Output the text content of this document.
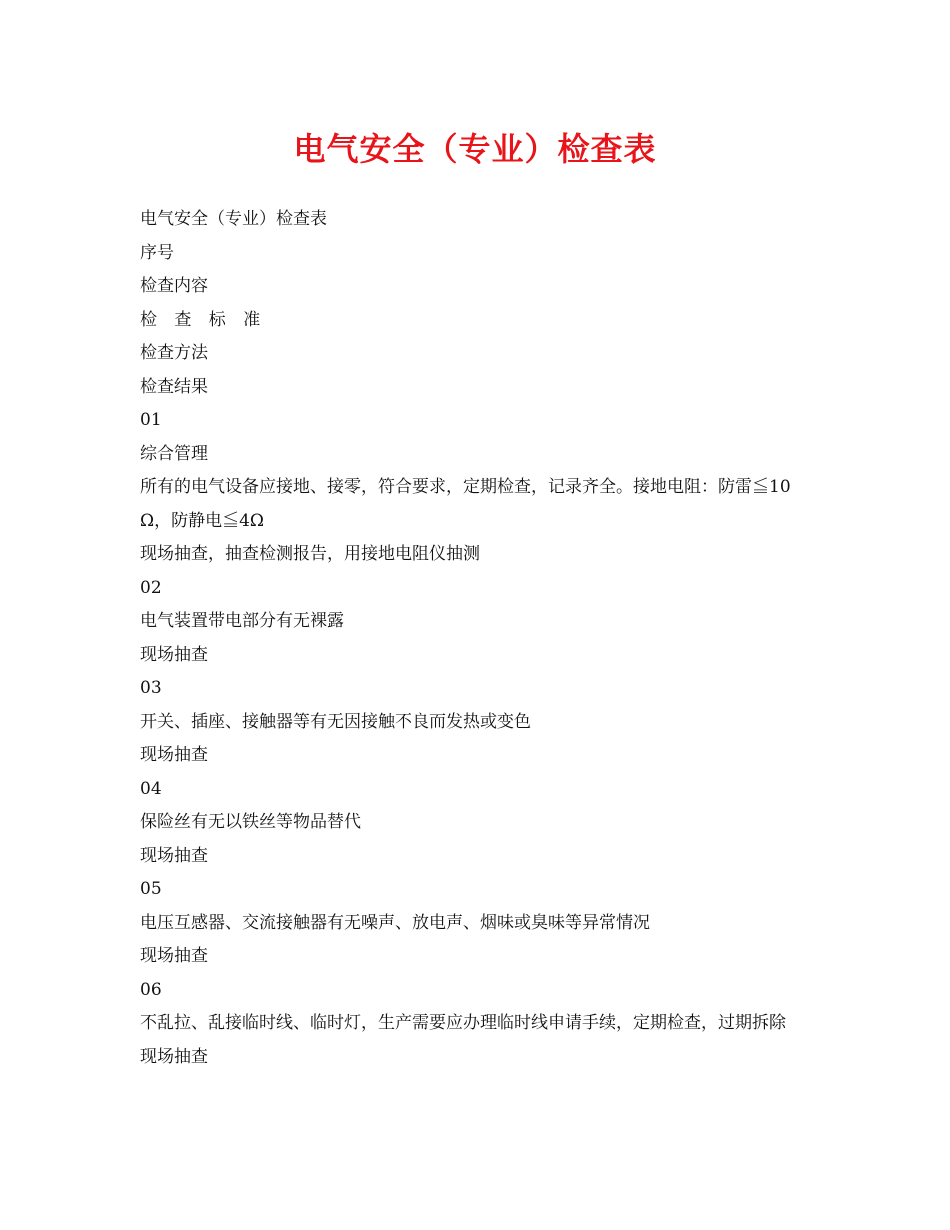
电气安全（专业）检查表

电气安全（专业）检查表

序号

检查内容

检 查 标 准

检查方法

检查结果

01

综合管理

所有的电气设备应接地、接零，符合要求，定期检查，记录齐全。接地电阻：防雷≦10Ω，防静电≦4Ω

现场抽查，抽查检测报告，用接地电阻仪抽测

02

电气装置带电部分有无裸露

现场抽查

03

开关、插座、接触器等有无因接触不良而发热或变色

现场抽查

04

保险丝有无以铁丝等物品替代

现场抽查

05

电压互感器、交流接触器有无噪声、放电声、烟味或臭味等异常情况

现场抽查

06

不乱拉、乱接临时线、临时灯，生产需要应办理临时线申请手续，定期检查，过期拆除

现场抽查
